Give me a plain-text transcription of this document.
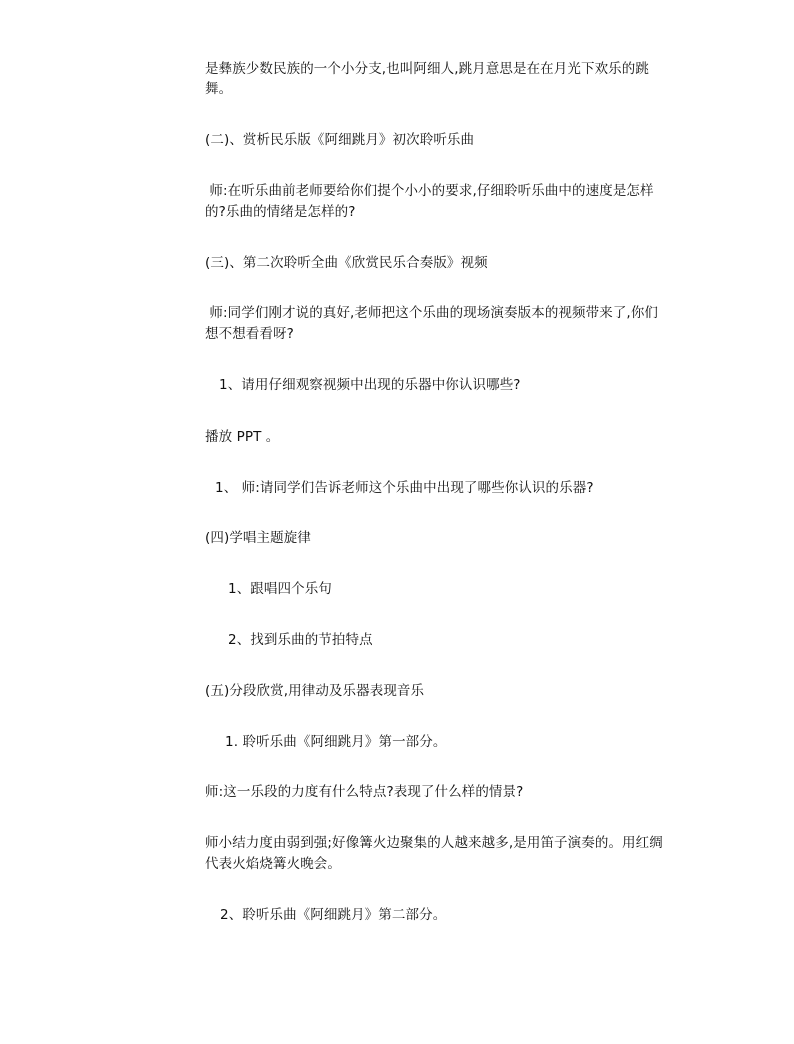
是彝族少数民族的一个小分支,也叫阿细人,跳月意思是在在月光下欢乐的跳
舞。
(二)、赏析民乐版《阿细跳月》初次聆听乐曲
师:在听乐曲前老师要给你们提个小小的要求,仔细聆听乐曲中的速度是怎样
的?乐曲的情绪是怎样的?
(三)、第二次聆听全曲《欣赏民乐合奏版》视频
师:同学们刚才说的真好,老师把这个乐曲的现场演奏版本的视频带来了,你们
想不想看看呀?
1、请用仔细观察视频中出现的乐器中你认识哪些?
播放 PPT 。
1、 师:请同学们告诉老师这个乐曲中出现了哪些你认识的乐器?
(四)学唱主题旋律
1、跟唱四个乐句
2、找到乐曲的节拍特点
(五)分段欣赏,用律动及乐器表现音乐
1. 聆听乐曲《阿细跳月》第一部分。
师:这一乐段的力度有什么特点?表现了什么样的情景?
师小结力度由弱到强;好像篝火边聚集的人越来越多,是用笛子演奏的。用红绸
代表火焰烧篝火晚会。
2、聆听乐曲《阿细跳月》第二部分。
